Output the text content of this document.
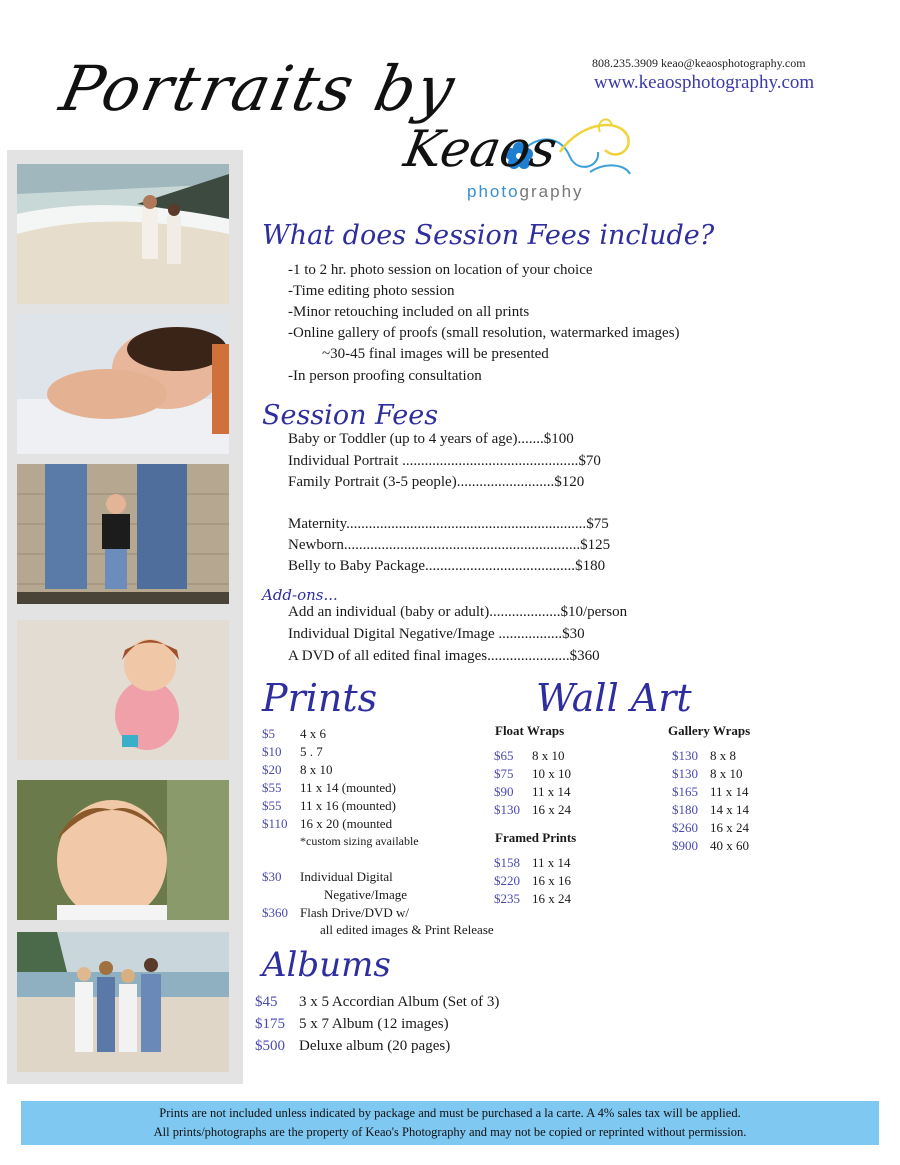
Portraits by	808.235.3909 keao@keaosphotography.com
www.keaosphotography.com
Keaos
photography
What does Session Fees include?
-1 to 2 hr. photo session on location of your choice
-Time editing photo session
-Minor retouching included on all prints
-Online gallery of proofs (small resolution, watermarked images)
~30-45 final images will be presented
-In person proofing consultation
Session Fees
Baby or Toddler (up to 4 years of age).......$100
Individual Portrait ...............................................$70
Family Portrait (3-5 people)..........................$120
Maternity................................................................$75
Newborn...............................................................$125
Belly to Baby Package........................................$180
Add-ons...
Add an individual (baby or adult)...................$10/person
Individual Digital Negative/Image .................$30
A DVD of all edited final images......................$360
Prints
$5 4 x 6
$10 5 . 7
$20 8 x 10
$55 11 x 14 (mounted)
$55 11 x 16 (mounted)
$110 16 x 20 (mounted
*custom sizing available
$30 Individual Digital
Negative/Image
$360 Flash Drive/DVD w/
all edited images & Print Release
Wall Art
Float Wraps
$65 8 x 10
$75 10 x 10
$90 11 x 14
$130 16 x 24
Framed Prints
$158 11 x 14
$220 16 x 16
$235 16 x 24
Gallery Wraps
$130 8 x 8
$130 8 x 10
$165 11 x 14
$180 14 x 14
$260 16 x 24
$900 40 x 60
Albums
$45 3 x 5 Accordian Album (Set of 3)
$175 5 x 7 Album (12 images)
$500 Deluxe album (20 pages)
Prints are not included unless indicated by package and must be purchased a la carte. A 4% sales tax will be applied.
All prints/photographs are the property of Keao's Photography and may not be copied or reprinted without permission.
